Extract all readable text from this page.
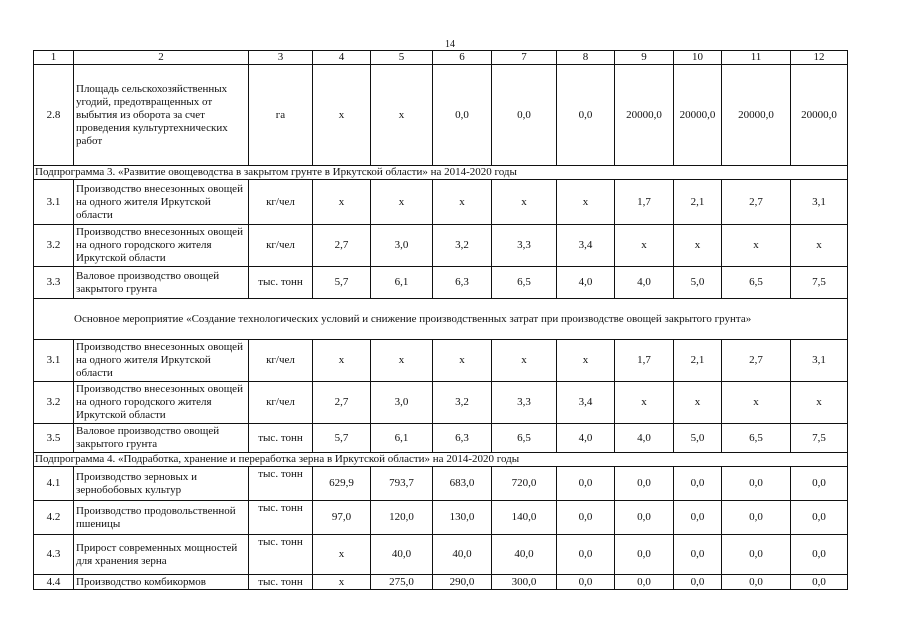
14
1	2	3	4	5	6	7	8	9	10	11	12
2.8	Площадь сельскохозяйственных угодий, предотвращенных от выбытия из оборота за счет проведения культуртехнических работ	га	х	х	0,0	0,0	0,0	20000,0	20000,0	20000,0	20000,0
Подпрограмма 3. «Развитие овощеводства в закрытом грунте в Иркутской области» на 2014-2020 годы											
3.1	Производство внесезонных овощей на одного жителя Иркутской области	кг/чел	х	х	х	х	х	1,7	2,1	2,7	3,1
3.2	Производство внесезонных овощей на одного городского жителя Иркутской области	кг/чел	2,7	3,0	3,2	3,3	3,4	х	х	х	х
3.3	Валовое производство овощей закрытого грунта	тыс. тонн	5,7	6,1	6,3	6,5	4,0	4,0	5,0	6,5	7,5
Основное мероприятие «Создание технологических условий и снижение производственных затрат при производстве овощей закрытого грунта»											
3.1	Производство внесезонных овощей на одного жителя Иркутской области	кг/чел	х	х	х	х	х	1,7	2,1	2,7	3,1
3.2	Производство внесезонных овощей на одного городского жителя Иркутской области	кг/чел	2,7	3,0	3,2	3,3	3,4	х	х	х	х
3.5	Валовое производство овощей закрытого грунта	тыс. тонн	5,7	6,1	6,3	6,5	4,0	4,0	5,0	6,5	7,5
Подпрограмма 4. «Подработка, хранение и переработка зерна в Иркутской области» на 2014-2020 годы											
4.1	Производство зерновых и зернобобовых культур	тыс. тонн	629,9	793,7	683,0	720,0	0,0	0,0	0,0	0,0	0,0
4.2	Производство продовольственной пшеницы	тыс. тонн	97,0	120,0	130,0	140,0	0,0	0,0	0,0	0,0	0,0
4.3	Прирост современных мощностей для хранения зерна	тыс. тонн	х	40,0	40,0	40,0	0,0	0,0	0,0	0,0	0,0
4.4	Производство комбикормов	тыс. тонн	х	275,0	290,0	300,0	0,0	0,0	0,0	0,0	0,0
